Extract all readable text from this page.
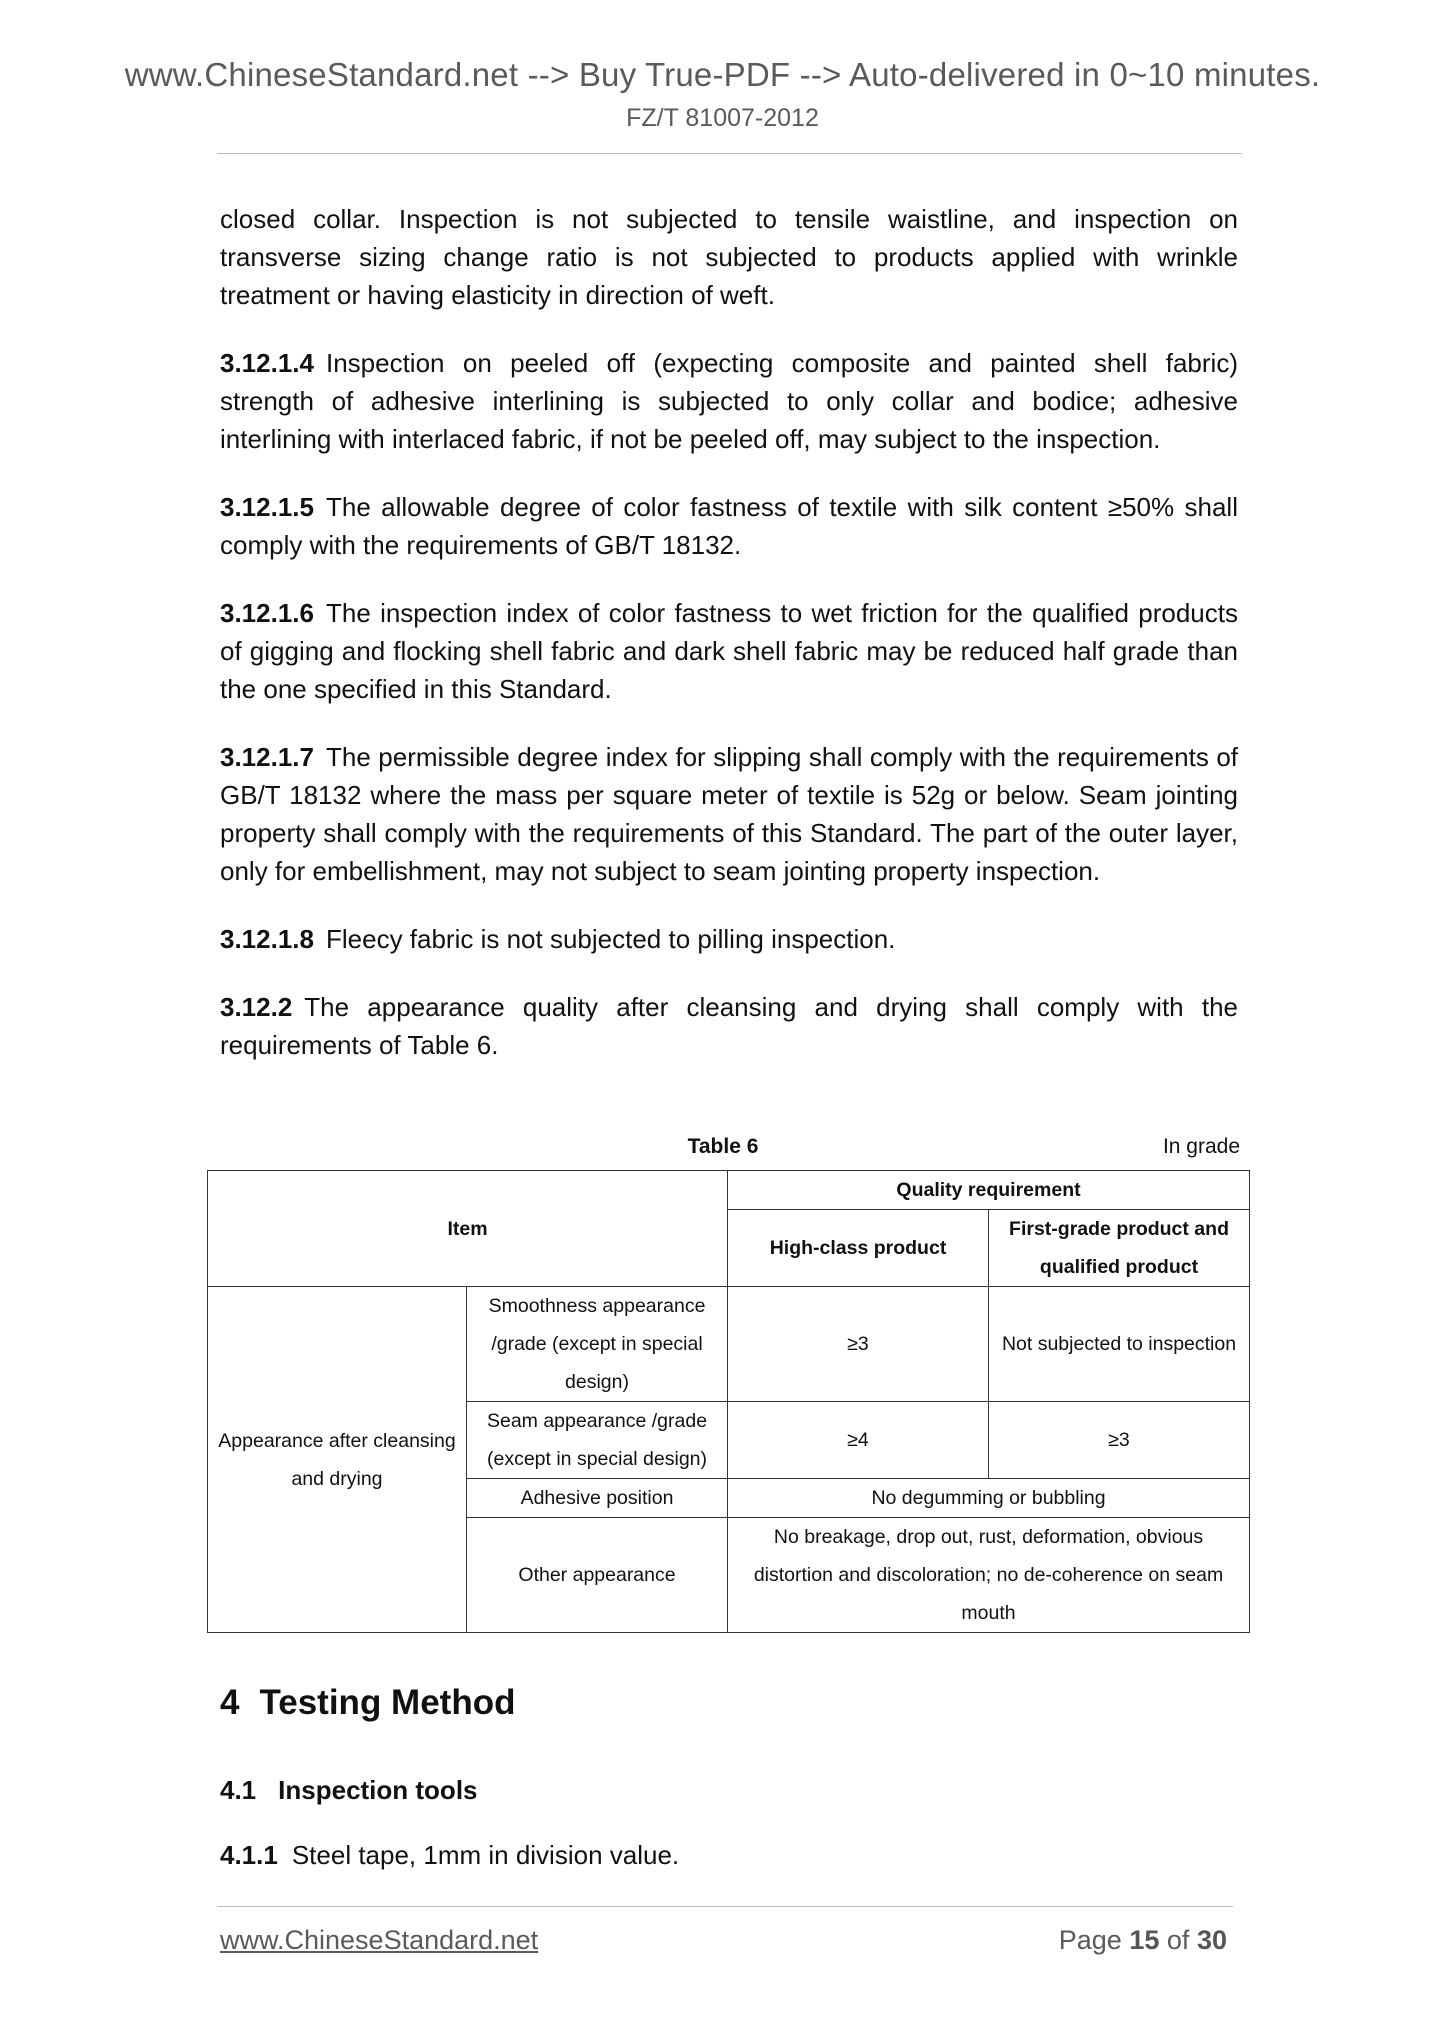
www.ChineseStandard.net --> Buy True-PDF --> Auto-delivered in 0~10 minutes.
FZ/T 81007-2012

closed collar. Inspection is not subjected to tensile waistline, and inspection on transverse sizing change ratio is not subjected to products applied with wrinkle treatment or having elasticity in direction of weft.

3.12.1.4 Inspection on peeled off (expecting composite and painted shell fabric) strength of adhesive interlining is subjected to only collar and bodice; adhesive interlining with interlaced fabric, if not be peeled off, may subject to the inspection.

3.12.1.5 The allowable degree of color fastness of textile with silk content ≥50% shall comply with the requirements of GB/T 18132.

3.12.1.6 The inspection index of color fastness to wet friction for the qualified products of gigging and flocking shell fabric and dark shell fabric may be reduced half grade than the one specified in this Standard.

3.12.1.7 The permissible degree index for slipping shall comply with the requirements of GB/T 18132 where the mass per square meter of textile is 52g or below. Seam jointing property shall comply with the requirements of this Standard. The part of the outer layer, only for embellishment, may not subject to seam jointing property inspection.

3.12.1.8 Fleecy fabric is not subjected to pilling inspection.

3.12.2 The appearance quality after cleansing and drying shall comply with the requirements of Table 6.

Table 6	In grade
Item		Quality requirement	
		High-class product	First-grade product and qualified product
Appearance after cleansing and drying	Smoothness appearance /grade (except in special design)	≥3	Not subjected to inspection
	Seam appearance /grade (except in special design)	≥4	≥3
	Adhesive position	No degumming or bubbling	
	Other appearance	No breakage, drop out, rust, deformation, obvious distortion and discoloration; no de-coherence on seam mouth	
4 Testing Method
4.1 Inspection tools
4.1.1 Steel tape, 1mm in division value.
www.ChineseStandard.net	Page 15 of 30
